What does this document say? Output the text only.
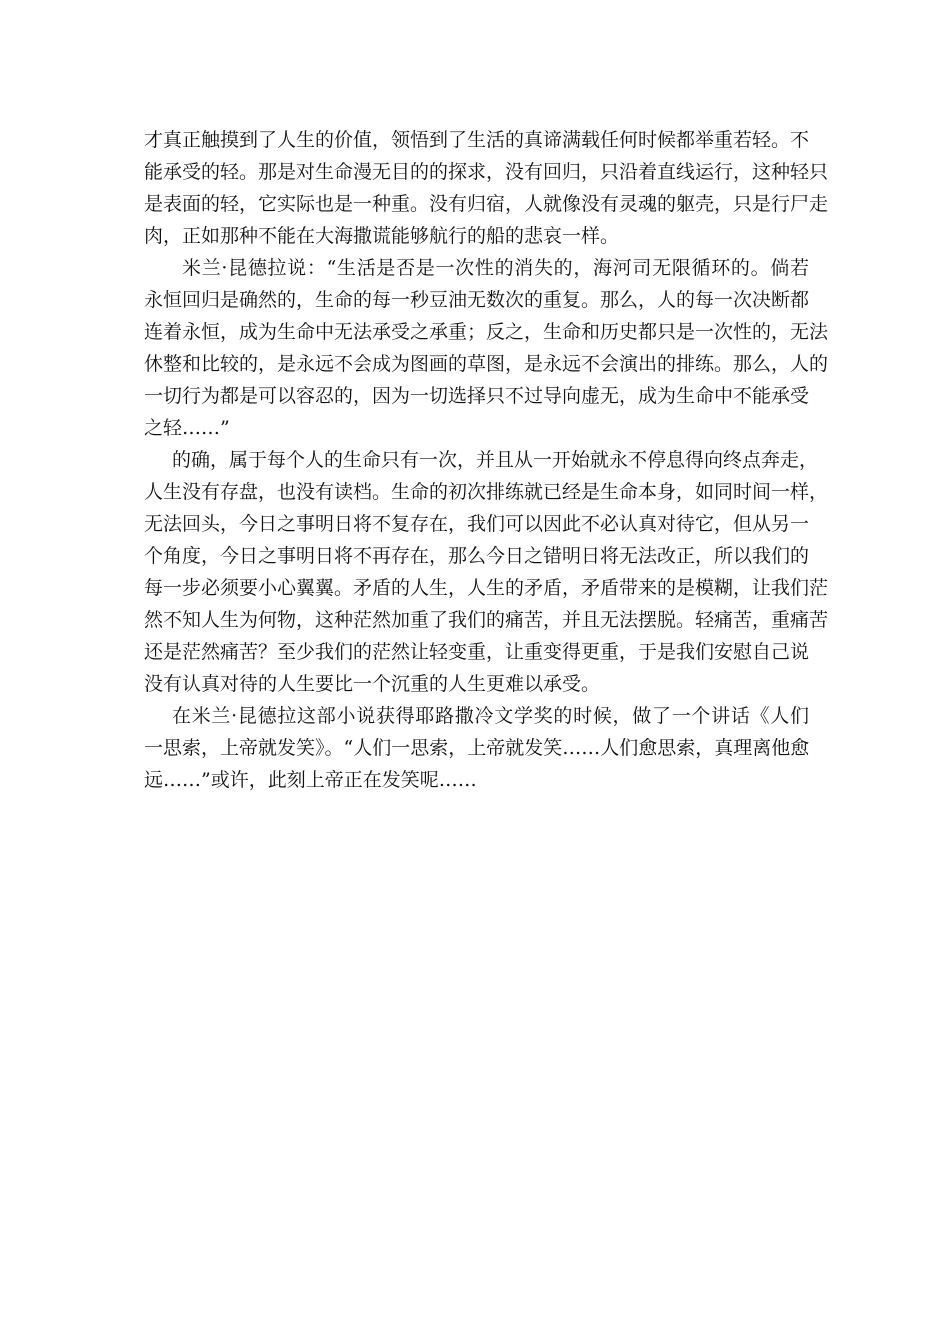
才真正触摸到了人生的价值，领悟到了生活的真谛满载任何时候都举重若轻。不
能承受的轻。那是对生命漫无目的的探求，没有回归，只沿着直线运行，这种轻只
是表面的轻，它实际也是一种重。没有归宿，人就像没有灵魂的躯壳，只是行尸走
肉，正如那种不能在大海撒谎能够航行的船的悲哀一样。
米兰·昆德拉说：“生活是否是一次性的消失的，海河司无限循环的。倘若
永恒回归是确然的，生命的每一秒豆油无数次的重复。那么，人的每一次决断都
连着永恒，成为生命中无法承受之承重；反之，生命和历史都只是一次性的，无法
休整和比较的，是永远不会成为图画的草图，是永远不会演出的排练。那么，人的
一切行为都是可以容忍的，因为一切选择只不过导向虚无，成为生命中不能承受
之轻……”
的确，属于每个人的生命只有一次，并且从一开始就永不停息得向终点奔走，
人生没有存盘，也没有读档。生命的初次排练就已经是生命本身，如同时间一样，
无法回头，今日之事明日将不复存在，我们可以因此不必认真对待它，但从另一
个角度，今日之事明日将不再存在，那么今日之错明日将无法改正，所以我们的
每一步必须要小心翼翼。矛盾的人生，人生的矛盾，矛盾带来的是模糊，让我们茫
然不知人生为何物，这种茫然加重了我们的痛苦，并且无法摆脱。轻痛苦，重痛苦
还是茫然痛苦？至少我们的茫然让轻变重，让重变得更重，于是我们安慰自己说
没有认真对待的人生要比一个沉重的人生更难以承受。
在米兰·昆德拉这部小说获得耶路撒冷文学奖的时候，做了一个讲话《人们
一思索，上帝就发笑》。“人们一思索，上帝就发笑……人们愈思索，真理离他愈
远……”或许，此刻上帝正在发笑呢……
